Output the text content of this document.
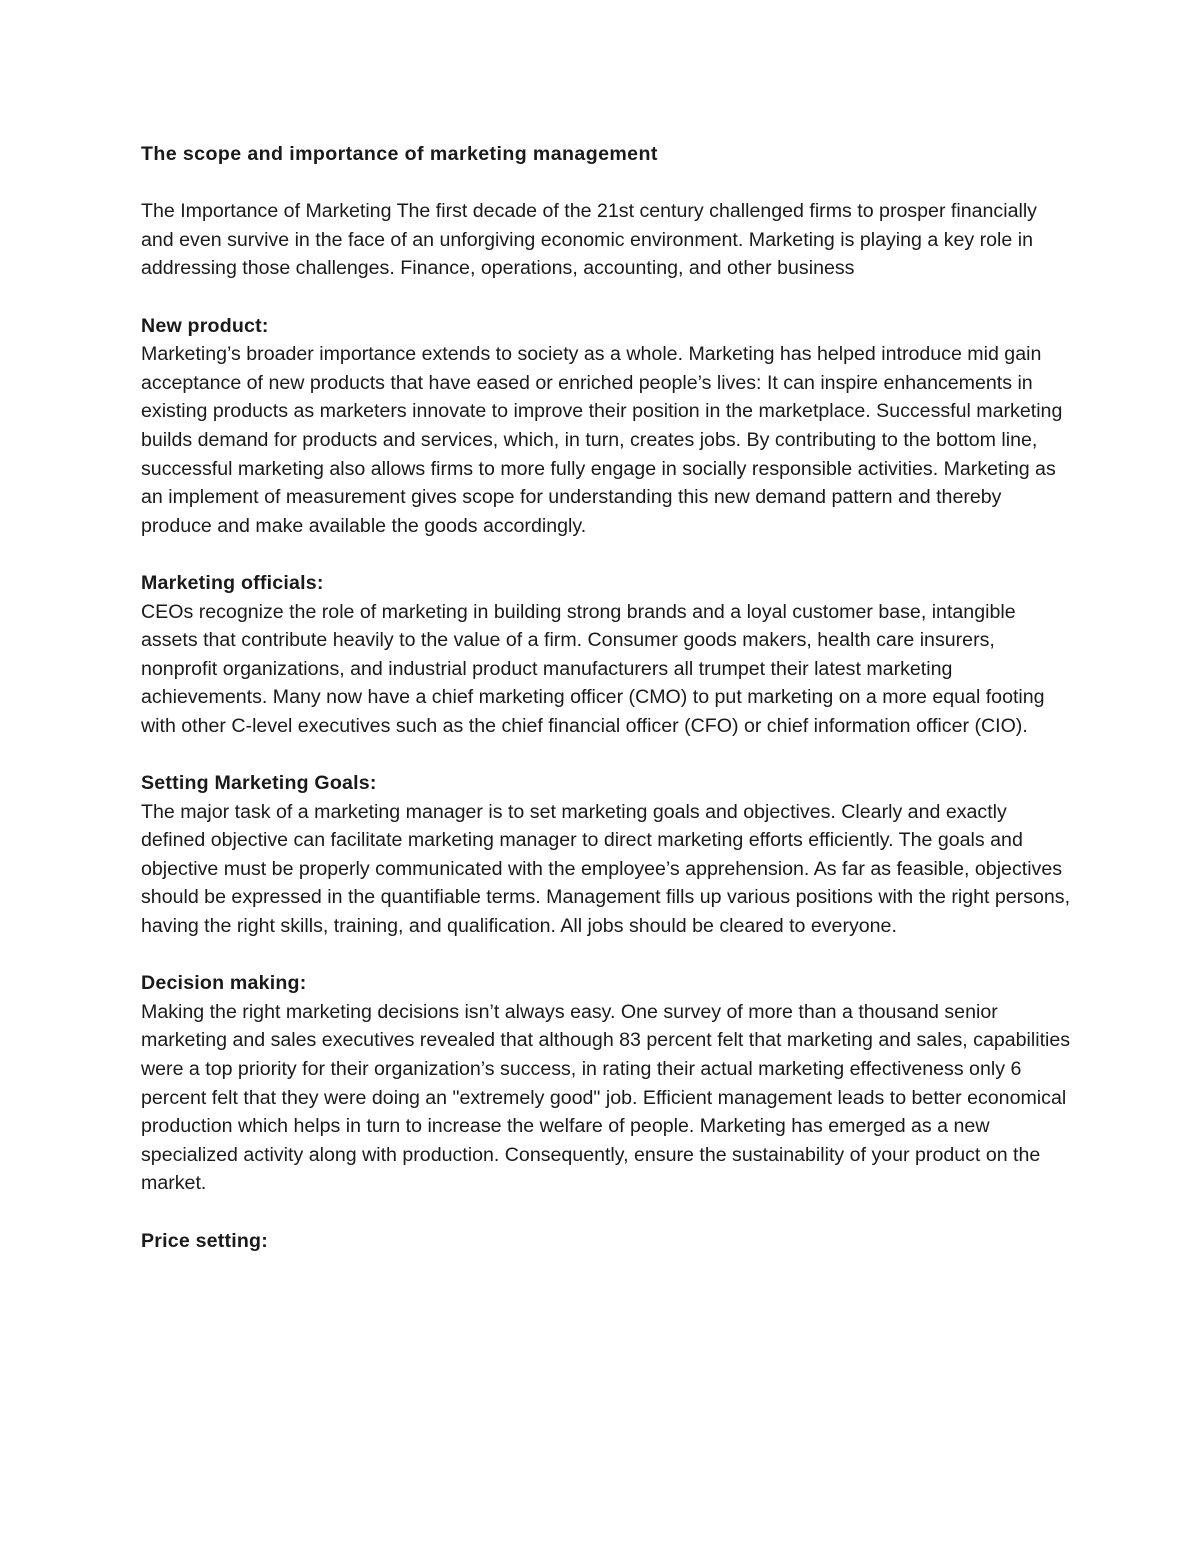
The scope and importance of marketing management

The Importance of Marketing The first decade of the 21st century challenged firms to prosper financially and even survive in the face of an unforgiving economic environment. Marketing is playing a key role in addressing those challenges. Finance, operations, accounting, and other business

New product:

Marketing’s broader importance extends to society as a whole. Marketing has helped introduce mid gain acceptance of new products that have eased or enriched people’s lives: It can inspire enhancements in existing products as marketers innovate to improve their position in the marketplace. Successful marketing builds demand for products and services, which, in turn, creates jobs. By contributing to the bottom line, successful marketing also allows firms to more fully engage in socially responsible activities. Marketing as an implement of measurement gives scope for understanding this new demand pattern and thereby produce and make available the goods accordingly.

Marketing officials:

CEOs recognize the role of marketing in building strong brands and a loyal customer base, intangible assets that contribute heavily to the value of a firm. Consumer goods makers, health care insurers, nonprofit organizations, and industrial product manufacturers all trumpet their latest marketing achievements. Many now have a chief marketing officer (CMO) to put marketing on a more equal footing with other C-level executives such as the chief financial officer (CFO) or chief information officer (CIO).

Setting Marketing Goals:

The major task of a marketing manager is to set marketing goals and objectives. Clearly and exactly defined objective can facilitate marketing manager to direct marketing efforts efficiently. The goals and objective must be properly communicated with the employee’s apprehension. As far as feasible, objectives should be expressed in the quantifiable terms. Management fills up various positions with the right persons, having the right skills, training, and qualification. All jobs should be cleared to everyone.

Decision making:

Making the right marketing decisions isn’t always easy. One survey of more than a thousand senior marketing and sales executives revealed that although 83 percent felt that marketing and sales, capabilities were a top priority for their organization’s success, in rating their actual marketing effectiveness only 6 percent felt that they were doing an "extremely good" job. Efficient management leads to better economical production which helps in turn to increase the welfare of people. Marketing has emerged as a new specialized activity along with production. Consequently, ensure the sustainability of your product on the market.

Price setting:
